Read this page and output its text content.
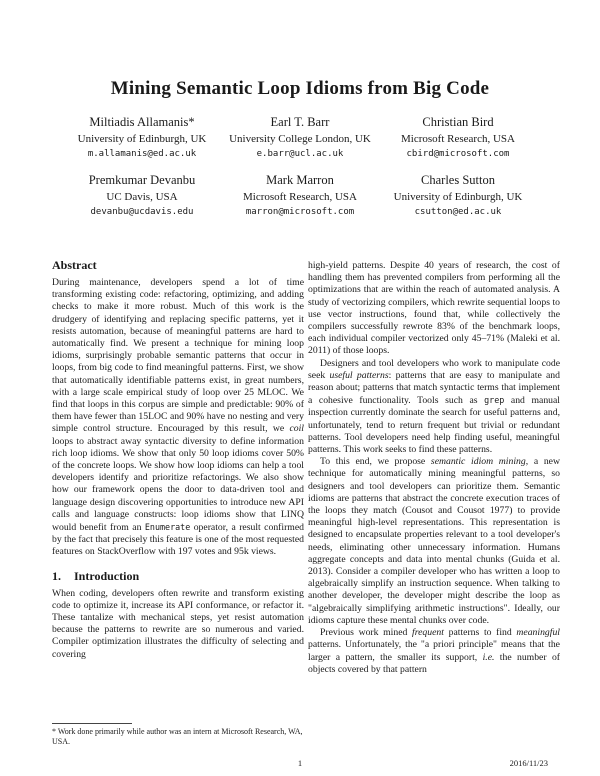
Mining Semantic Loop Idioms from Big Code
Miltiadis Allamanis*
University of Edinburgh, UK
m.allamanis@ed.ac.uk
Earl T. Barr
University College London, UK
e.barr@ucl.ac.uk
Christian Bird
Microsoft Research, USA
cbird@microsoft.com
Premkumar Devanbu
UC Davis, USA
devanbu@ucdavis.edu
Mark Marron
Microsoft Research, USA
marron@microsoft.com
Charles Sutton
University of Edinburgh, UK
csutton@ed.ac.uk
Abstract

During maintenance, developers spend a lot of time transforming existing code: refactoring, optimizing, and adding checks to make it more robust. Much of this work is the drudgery of identifying and replacing specific patterns, yet it resists automation, because of meaningful patterns are hard to automatically find. We present a technique for mining loop idioms, surprisingly probable semantic patterns that occur in loops, from big code to find meaningful patterns. First, we show that automatically identifiable patterns exist, in great numbers, with a large scale empirical study of loop over 25 MLOC. We find that loops in this corpus are simple and predictable: 90% of them have fewer than 15LOC and 90% have no nesting and very simple control structure. Encouraged by this result, we coil loops to abstract away syntactic diversity to define information rich loop idioms. We show that only 50 loop idioms cover 50% of the concrete loops. We show how loop idioms can help a tool developers identify and prioritize refactorings. We also show how our framework opens the door to data-driven tool and language design discovering opportunities to introduce new API calls and language constructs: loop idioms show that LINQ would benefit from an Enumerate operator, a result confirmed by the fact that precisely this feature is one of the most requested features on StackOverflow with 197 votes and 95k views.

1. Introduction

When coding, developers often rewrite and transform existing code to optimize it, increase its API conformance, or refactor it. These tantalize with mechanical steps, yet resist automation because the patterns to rewrite are so numerous and varied. Compiler optimization illustrates the difficulty of selecting and covering

* Work done primarily while author was an intern at Microsoft Research, WA, USA.

high-yield patterns. Despite 40 years of research, the cost of handling them has prevented compilers from performing all the optimizations that are within the reach of automated analysis. A study of vectorizing compilers, which rewrite sequential loops to use vector instructions, found that, while collectively the compilers successfully rewrote 83% of the benchmark loops, each individual compiler vectorized only 45–71% (Maleki et al. 2011) of those loops.

Designers and tool developers who work to manipulate code seek useful patterns: patterns that are easy to manipulate and reason about; patterns that match syntactic terms that implement a cohesive functionality. Tools such as grep and manual inspection currently dominate the search for useful patterns and, unfortunately, tend to return frequent but trivial or redundant patterns. Tool developers need help finding useful, meaningful patterns. This work seeks to find these patterns.

To this end, we propose semantic idiom mining, a new technique for automatically mining meaningful patterns, so designers and tool developers can prioritize them. Semantic idioms are patterns that abstract the concrete execution traces of the loops they match (Cousot and Cousot 1977) to provide meaningful high-level representations. This representation is designed to encapsulate properties relevant to a tool developer's needs, eliminating other unnecessary information. Humans aggregate concepts and data into mental chunks (Guida et al. 2013). Consider a compiler developer who has written a loop to algebraically simplify an instruction sequence. When talking to another developer, the developer might describe the loop as "algebraically simplifying arithmetic instructions". Ideally, our idioms capture these mental chunks over code.

Previous work mined frequent patterns to find meaningful patterns. Unfortunately, the "a priori principle" means that the larger a pattern, the smaller its support, i.e. the number of objects covered by that pattern

1	2016/11/23
